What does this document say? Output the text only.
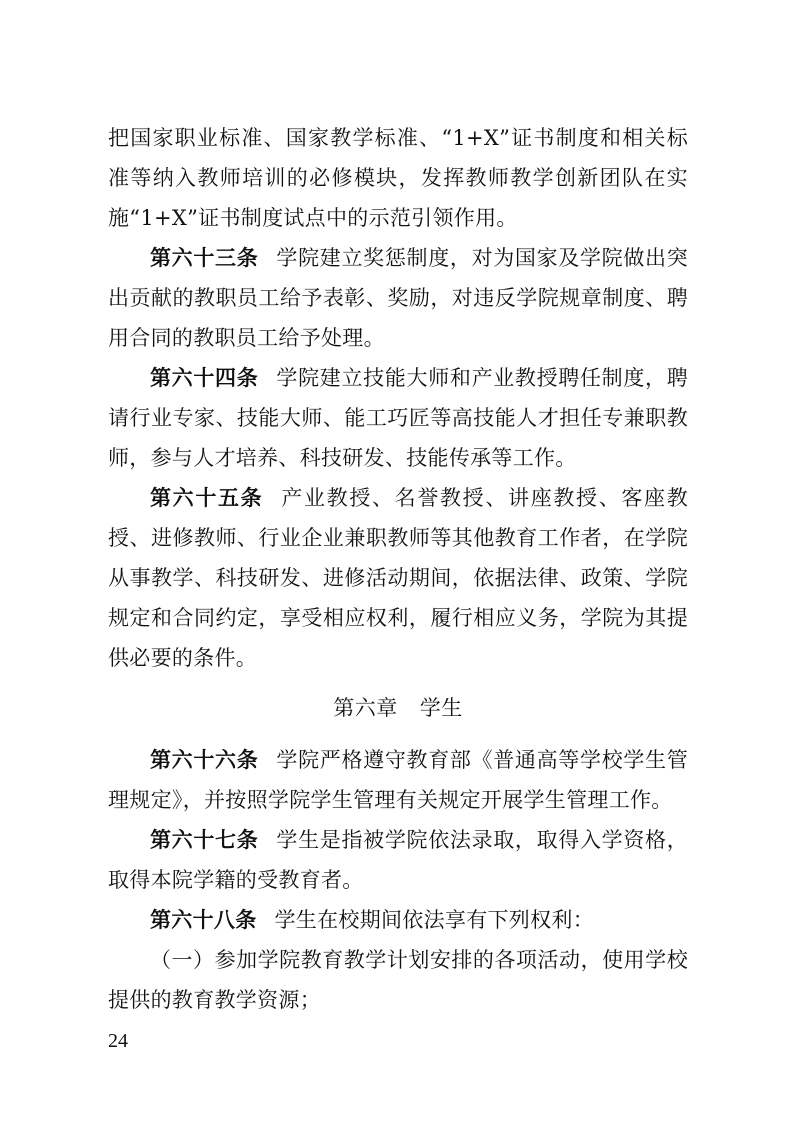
把国家职业标准、国家教学标准、“1+X”证书制度和相关标准等纳入教师培训的必修模块，发挥教师教学创新团队在实施“1+X”证书制度试点中的示范引领作用。

第六十三条 学院建立奖惩制度，对为国家及学院做出突出贡献的教职员工给予表彰、奖励，对违反学院规章制度、聘用合同的教职员工给予处理。

第六十四条 学院建立技能大师和产业教授聘任制度，聘请行业专家、技能大师、能工巧匠等高技能人才担任专兼职教师，参与人才培养、科技研发、技能传承等工作。

第六十五条 产业教授、名誉教授、讲座教授、客座教授、进修教师、行业企业兼职教师等其他教育工作者，在学院从事教学、科技研发、进修活动期间，依据法律、政策、学院规定和合同约定，享受相应权利，履行相应义务，学院为其提供必要的条件。

第六章 学生

第六十六条 学院严格遵守教育部《普通高等学校学生管理规定》，并按照学院学生管理有关规定开展学生管理工作。

第六十七条 学生是指被学院依法录取，取得入学资格，取得本院学籍的受教育者。

第六十八条 学生在校期间依法享有下列权利：

（一）参加学院教育教学计划安排的各项活动，使用学校提供的教育教学资源；

24
